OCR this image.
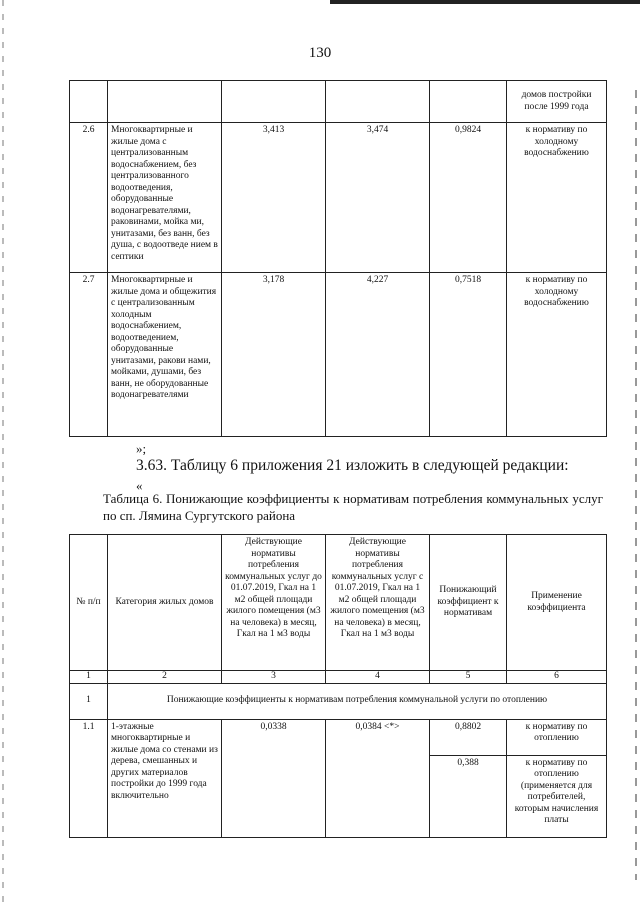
130
					домов постройки после 1999 года
2.6	Многоквартирные и жилые дома с централизованным водоснабжением, без централизованного водоотведения, оборудованные водонагревателями, раковинами, мойка ми, унитазами, без ванн, без душа, с водоотведе нием в септики	3,413	3,474	0,9824	к нормативу по холодному водоснабжению
2.7	Многоквартирные и жилые дома и общежития с централизованным холодным водоснабжением, водоотведением, оборудованные унитазами, ракови нами, мойками, душами, без ванн, не оборудованные водонагревателями	3,178	4,227	0,7518	к нормативу по холодному водоснабжению
»;
3.63. Таблицу 6 приложения 21 изложить в следующей редакции:
«
Таблица 6. Понижающие коэффициенты к нормативам потребления коммунальных услуг по сп. Лямина Сургутского района
№ п/п	Категория жилых домов	Действующие нормативы потребления коммунальных услуг до 01.07.2019, Гкал на 1 м2 общей площади жилого помещения (м3 на человека) в месяц, Гкал на 1 м3 воды	Действующие нормативы потребления коммунальных услуг с 01.07.2019, Гкал на 1 м2 общей площади жилого помещения (м3 на человека) в месяц, Гкал на 1 м3 воды	Понижающий коэффициент к нормативам	Применение коэффициента
1	2	3	4	5	6
1	Понижающие коэффициенты к нормативам потребления коммунальной услуги по отоплению				
1.1	1-этажные многоквартирные и жилые дома со стенами из дерева, смешанных и других материалов постройки до 1999 года включительно	0,0338	0,0384 <*>	0,8802	к нормативу по отоплению
				0,388	к нормативу по отоплению (применяется для потребителей, которым начисления платы
